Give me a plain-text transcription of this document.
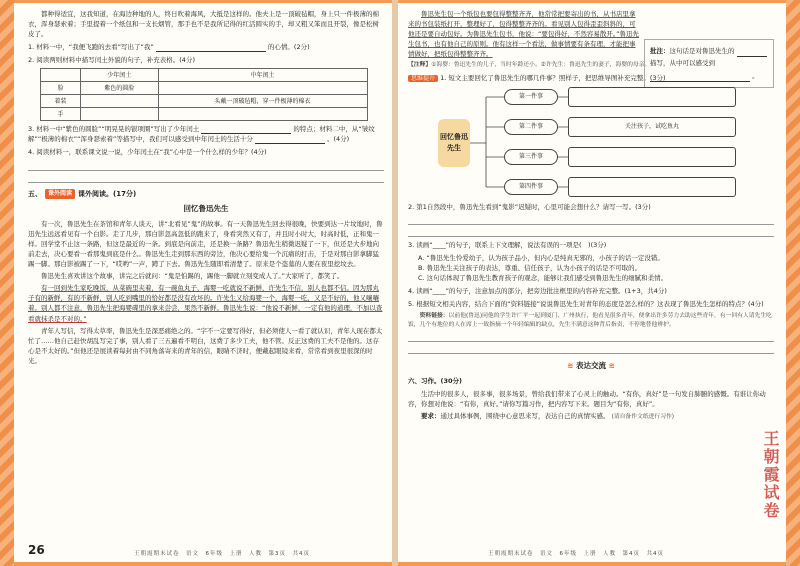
都种得适宜，这我知道，在海边种地的人，终日吹着海风，大抵是这样的。他夫上是一顶破毡帽，身上只一件极薄的棉衣，浑身瑟索着；手里提着一个纸包和一支长烟管，那手也不是我所记得的红活圆实的手，却又粗又笨而且开裂，像是松树皮了。

1. 材料一中，“我便飞跑的去看”写出了“我”	的心情。(2分)
2. 阅读两则材料中描写闰土外貌的句子，补充表格。(4分)
	少年闰土	中年闰土
脸	紫色的圆脸	
着装		头戴一顶破毡帽，穿一件极薄的棉衣
手		
3. 材料一中“紫色的圆脸”“明晃晃的银项圈”写出了少年闰土	的特点；材料二中，从“皱纹解”“极薄的棉衣”“浑身瑟索着”等描写中，我们可以感受到中年闰土的生活十分	。(4分)
4. 阅读材料一，联系课文说一说，少年闰土在“我”心中是一个什么样的少年？(4分)
五、	课外阅读 课外阅读。(17分)
回忆鲁迅先生

有一次，鲁迅先生在茶馆和青年人谈天，讲“北看见”鬼”的故事。有一天鲁迅先生回去得很晚，快要到达一片坟地时，鲁迅先生远远看见有一个白影。走了几步，那白影忽高忽低的跑来了，身看突然又有了，并且时小时大，时高时低，正和鬼一样。回学堂不止这一条路，但这是最近的一条。到底是向前走，还是换一条路？鲁迅先生稍微迟疑了一下，但还是大步地向前走去，决心要看一看那鬼到底是什么。鲁迅先生走到那东西的旁边，他决心要给鬼一个沉痛的打击，于是对那白影拿脚猛踢一脚。那白影被踢了一下，“哎哟”一声，蹲了下去。鲁迅先生随即看清楚了。原来是个盗墓的人要在夜里挖坟去。

鲁迅先生喜欢讲这个故事，讲完之后就问：“鬼是怕踢的，踢他一脚就立刻变成人了。”大家听了，都笑了。

有一回到先生家吃晚饭，从菜碗里夹着，有一碗鱼丸子，海婴一吃就说不新鲜，许先生不信，别人也都不信。因为那丸子有的新鲜，有的不新鲜，别人吃到嘴里的恰好都是没有改坏的。许先生又给海婴一个，海婴一吃，又是不好的，他又嚷嚷着。别人都不注意，鲁迅先生把海婴碟里的拿来尝尝，果然不新鲜。鲁迅先生说：“他说不新鲜，一定有他的道理，不加以查看就抹杀是不对的。”

青年人写信，写得太草率，鲁迅先生是深恶痛绝之的。“字不一定要写得好，但必须使人一看了就认识，青年人现在都太忙了……他自己赶快胡乱写完了事，别人看了三五遍看不明白，这费了多少工夫，他不管。反正这费的工夫不是他的。这存心是不太好的。”但他还是展读着每封由不同角落寄来的青年的信，眼睛不济时，便戴起眼镜来看，常常看到夜里很深的时光。

26	王朝霞期末试卷　语文　6年级　上册　人教　第3页　共4页

鲁迅先生包一个纸包也要包得整整齐齐，他常常把要寄出的书，从书店里拿来的书包装纸打开，整理好了，包得整整齐齐的。看见别人包得歪歪斜斜的，可他还是要自动包好。为鲁迅先生包书，他说：“要包得好，不然容易散开。”鲁迅先生包书，也有他自己的原则。他有这样一个看法，做事情要有条有理，才能把事情做好，把纸包得整整齐齐。	批注：这句话是对鲁迅先生的  描写，从中可以感受到  。
【注释】①海婴：鲁迅先生的儿子，当时年龄还小。②许先生：鲁迅先生的妻子，海婴的母亲。
思维提升 1. 短文主要回忆了鲁迅先生的哪几件事？照样子，把思维导图补充完整。(3分)
回忆鲁迅先生
第一件事
第二件事
第三件事
第四件事
关注孩子，试吃鱼丸
2. 第1自然段中，鲁迅先生看到“鬼影”迟疑时，心里可能会想什么？请写一写。(3分)
3. 读画“____”的句子，联系上下文理解，说法有误的一项是(　)(3分)
A. “鲁迅先生怜爱幼子，认为孩子品小，但内心是纯真无邪的，小孩子的话一定没错。
B. 鲁迅先生关注孩子的表达，尊重、信任孩子，认为小孩子的话是不可取的。
C. 这句话体现了鲁迅先生教育孩子的观念，能够让我们感受到鲁迅先生的细腻和柔情。
4. 读画“____”的句子，注意加点的部分，把旁边批注框里的内容补充完整。(1+3，共4分)
5. 根据短文相关内容，结合下面的“资料链接”说说鲁迅先生对青年的态度是怎么样的？这表现了鲁迅先生怎样的特点？(4分)
资料链接：以前他(鲁迅)同他的学生许广平一起到厦门、广州执行，他看见很多青年，便拿出许多劳力去助这些青年，有一回有人请先生吃饭，几个有地位的人在席上一致指摘一个年轻编辑的缺点，先生不满意这种背后指责，不停地替他辨护。
≋ 表达交流 ≋
六、习作。(30分)

生活中的很多人，很多事，很多场景，曾给我们带来了心灵上的触动。“有你，真好”是一句发自肺腑的感慨。有谁让你动容，你想对他说：“有你，真好。”请你写篇习作，把内容写下来。题目为“有你，真好”。

要求：通过具体事例，围绕中心意思来写，表达自己的真情实感。 (请自备作文纸进行习作)

王朝霞期末试卷　语文　6年级　上册　人教　第4页　共4页
王朝霞试卷
